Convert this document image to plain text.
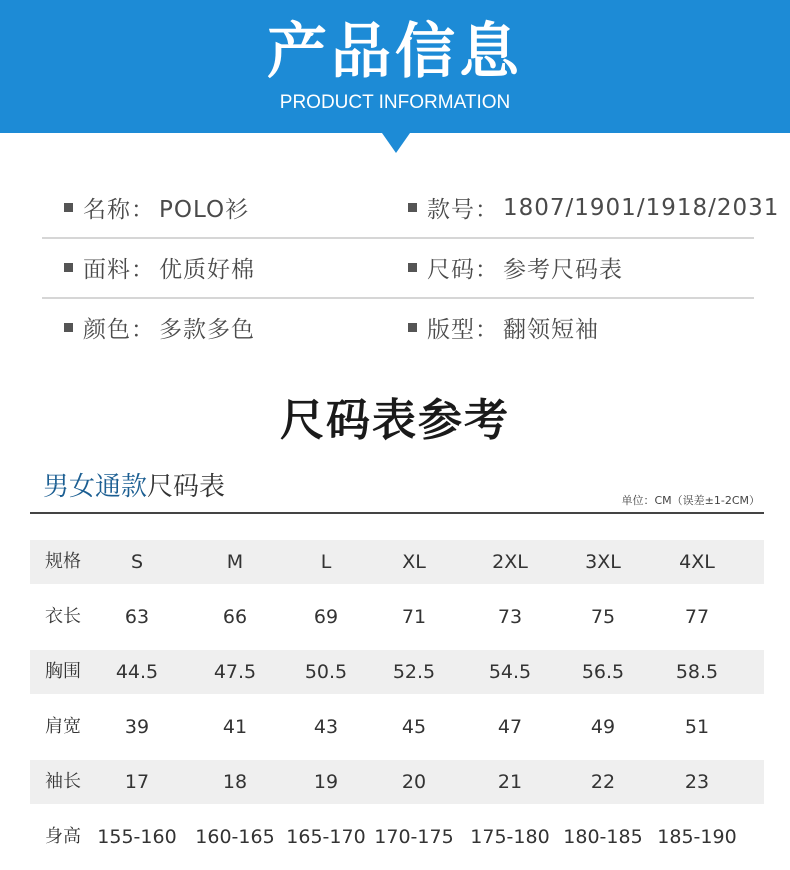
产品信息
PRODUCT INFORMATION
名称： POLO衫	款号： 1807/1901/1918/2031
面料： 优质好棉	尺码： 参考尺码表
颜色： 多款多色	版型： 翻领短袖
尺码表参考
男女通款尺码表	单位：CM（误差±1-2CM）
规格	S	M	L	XL	2XL	3XL	4XL
衣长	63	66	69	71	73	75	77
胸围	44.5	47.5	50.5	52.5	54.5	56.5	58.5
肩宽	39	41	43	45	47	49	51
袖长	17	18	19	20	21	22	23
身高 155-160 160-165 165-170 170-175 175-180 180-185 185-190
